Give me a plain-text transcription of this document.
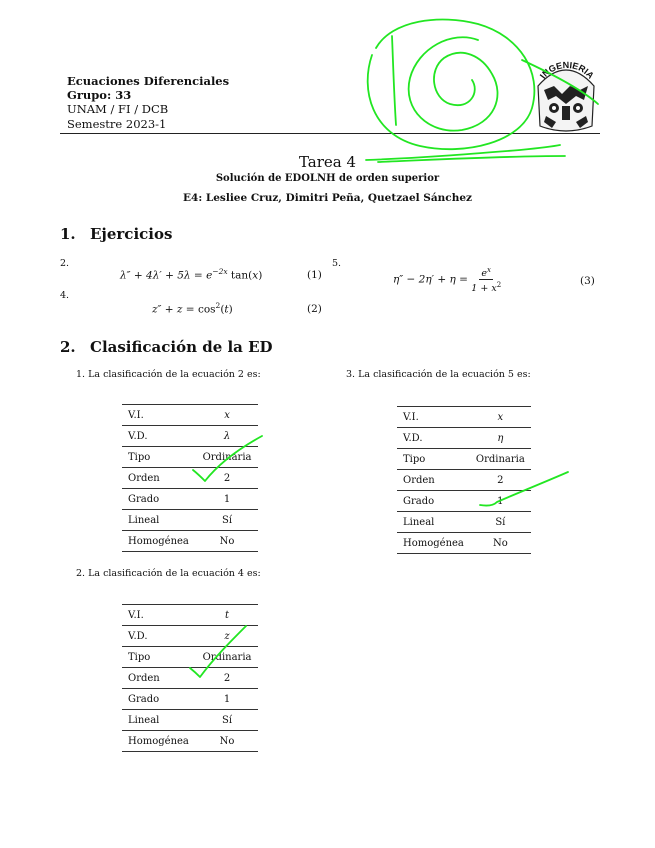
Ecuaciones Diferenciales
Grupo: 33
UNAM / FI / DCB
Semestre 2023-1
INGENIERIA
Tarea 4
Solución de EDOLNH de orden superior
E4: Lesliee Cruz, Dimitri Peña, Quetzael Sánchez
1. Ejercicios
2.
$\lambda'' + 4\lambda' + 5\lambda = e^{-2x}$ tan(x)	(1)
4.
$z'' + z = \cos^2(t)$	(2)
5.
$\eta'' - 2\eta' + \eta = \frac{e^x}{1 + x^2}$	(3)
2. Clasificación de la ED
1. La clasificación de la ecuación 2 es:
V.I.	x
V.D.	λ
Tipo	Ordinaria
Orden	2
Grado	1
Lineal	Sí
Homogénea	No
3. La clasificación de la ecuación 5 es:
V.I.	x
V.D.	η
Tipo	Ordinaria
Orden	2
Grado	1
Lineal	Sí
Homogénea	No
2. La clasificación de la ecuación 4 es:
V.I.	t
V.D.	z
Tipo	Ordinaria
Orden	2
Grado	1
Lineal	Sí
Homogénea	No
